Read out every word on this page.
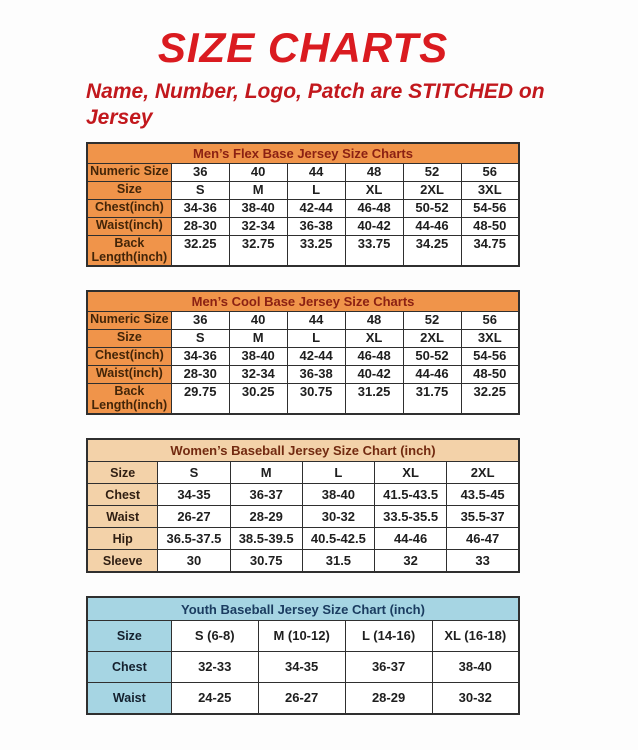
SIZE CHARTS
Name, Number, Logo, Patch are STITCHED on Jersey
Men’s Flex Base Jersey Size Charts						
Numeric Size	36	40	44	48	52	56
Size	S	M	L	XL	2XL	3XL
Chest(inch)	34-36	38-40	42-44	46-48	50-52	54-56
Waist(inch)	28-30	32-34	36-38	40-42	44-46	48-50
Back Length(inch)	32.25	32.75	33.25	33.75	34.25	34.75
Men’s Cool Base Jersey Size Charts						
Numeric Size	36	40	44	48	52	56
Size	S	M	L	XL	2XL	3XL
Chest(inch)	34-36	38-40	42-44	46-48	50-52	54-56
Waist(inch)	28-30	32-34	36-38	40-42	44-46	48-50
Back Length(inch)	29.75	30.25	30.75	31.25	31.75	32.25
Women’s Baseball Jersey Size Chart (inch)					
Size	S	M	L	XL	2XL
Chest	34-35	36-37	38-40	41.5-43.5	43.5-45
Waist	26-27	28-29	30-32	33.5-35.5	35.5-37
Hip	36.5-37.5	38.5-39.5	40.5-42.5	44-46	46-47
Sleeve	30	30.75	31.5	32	33
Youth Baseball Jersey Size Chart (inch)				
Size	S (6-8)	M (10-12)	L (14-16)	XL (16-18)
Chest	32-33	34-35	36-37	38-40
Waist	24-25	26-27	28-29	30-32
